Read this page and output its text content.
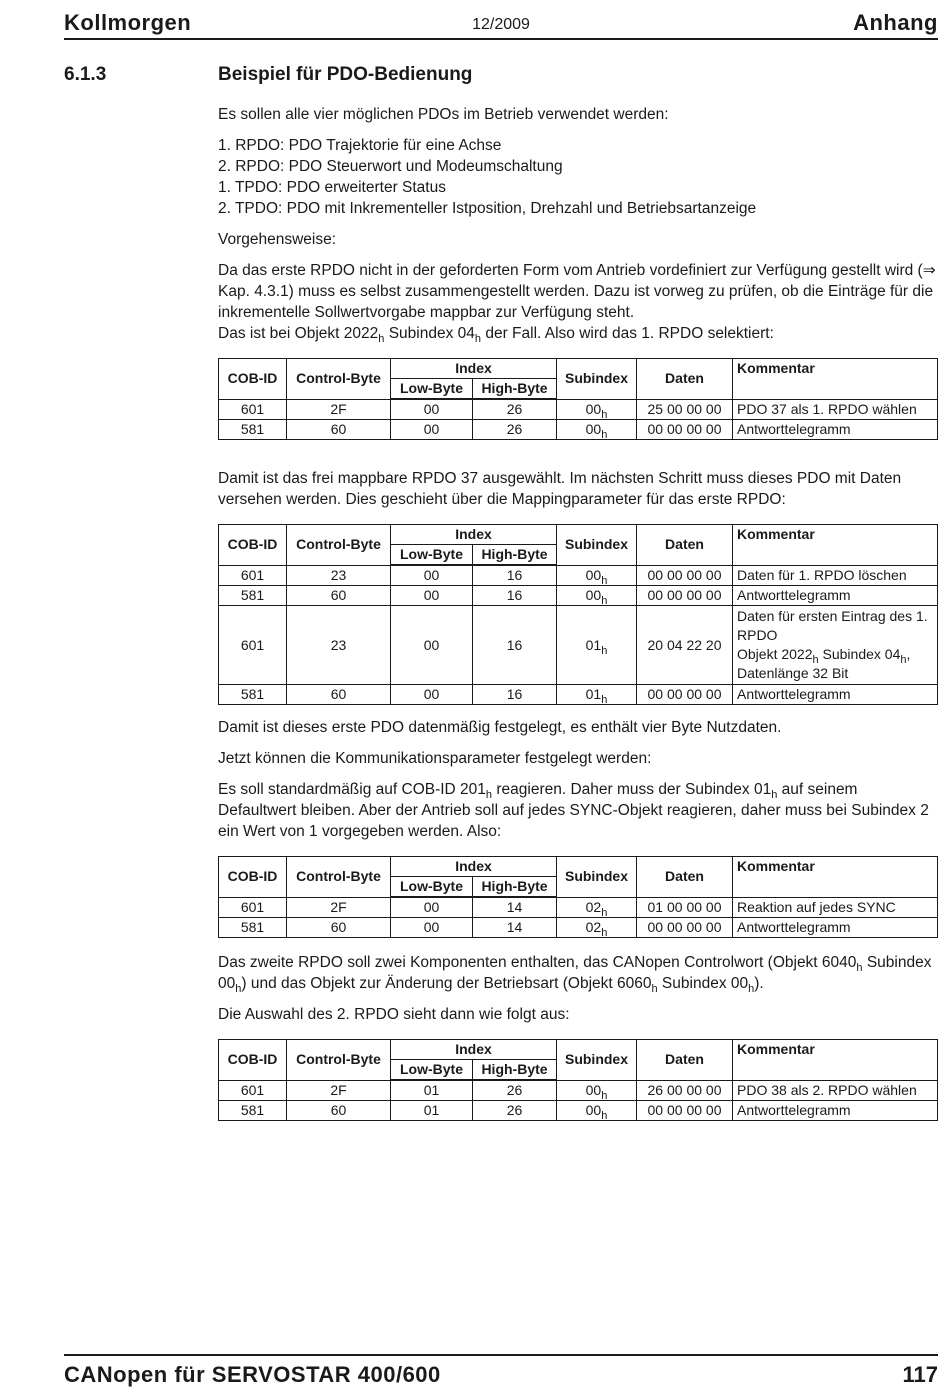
Kollmorgen	12/2009	Anhang
6.1.3	Beispiel für PDO-Bedienung

Es sollen alle vier möglichen PDOs im Betrieb verwendet werden:

1. RPDO: PDO Trajektorie für eine Achse

2. RPDO: PDO Steuerwort und Modeumschaltung

1. TPDO: PDO erweiterter Status

2. TPDO: PDO mit Inkrementeller Istposition, Drehzahl und Betriebsartanzeige

Vorgehensweise:

Da das erste RPDO nicht in der geforderten Form vom Antrieb vordefiniert zur Verfügung gestellt wird (⇒ Kap. 4.3.1) muss es selbst zusammengestellt werden. Dazu ist vorweg zu prüfen, ob die Einträge für die inkrementelle Sollwertvorgabe mappbar zur Verfügung steht.

Das ist bei Objekt $2022_h$ Subindex $04_h$ der Fall. Also wird das 1. RPDO selektiert:

COB-ID	Control-Byte	Index		Subindex	Daten	Kommentar
		Low-Byte	High-Byte			
601	2F	00	26	$00_h$	25 00 00 00	PDO 37 als 1. RPDO wählen
581	60	00	26	$00_h$	00 00 00 00	Antworttelegramm

Damit ist das frei mappbare RPDO 37 ausgewählt. Im nächsten Schritt muss dieses PDO mit Daten versehen werden. Dies geschieht über die Mappingparameter für das erste RPDO:

COB-ID	Control-Byte	Index		Subindex	Daten	Kommentar
		Low-Byte	High-Byte			
601	23	00	16	$00_h$	00 00 00 00	Daten für 1. RPDO löschen
581	60	00	16	$00_h$	00 00 00 00	Antworttelegramm
601	23	00	16	$01_h$	20 04 22 20	Daten für ersten Eintrag des 1. RPDO
Objekt $2022_h$ Subindex $04_h$,
Datenlänge 32 Bit
581	60	00	16	$01_h$	00 00 00 00	Antworttelegramm

Damit ist dieses erste PDO datenmäßig festgelegt, es enthält vier Byte Nutzdaten.

Jetzt können die Kommunikationsparameter festgelegt werden:

Es soll standardmäßig auf COB-ID $201_h$ reagieren. Daher muss der Subindex $01_h$ auf seinem Defaultwert bleiben. Aber der Antrieb soll auf jedes SYNC-Objekt reagieren, daher muss bei Subindex 2 ein Wert von 1 vorgegeben werden. Also:

COB-ID	Control-Byte	Index		Subindex	Daten	Kommentar
		Low-Byte	High-Byte			
601	2F	00	14	$02_h$	01 00 00 00	Reaktion auf jedes SYNC
581	60	00	14	$02_h$	00 00 00 00	Antworttelegramm

Das zweite RPDO soll zwei Komponenten enthalten, das CANopen Controlwort (Objekt $6040_h$ Subindex $00_h$) und das Objekt zur Änderung der Betriebsart (Objekt $6060_h$ Subindex $00_h$).

Die Auswahl des 2. RPDO sieht dann wie folgt aus:

COB-ID	Control-Byte	Index		Subindex	Daten	Kommentar
		Low-Byte	High-Byte			
601	2F	01	26	$00_h$	26 00 00 00	PDO 38 als 2. RPDO wählen
581	60	01	26	$00_h$	00 00 00 00	Antworttelegramm
CANopen für SERVOSTAR 400/600	117
